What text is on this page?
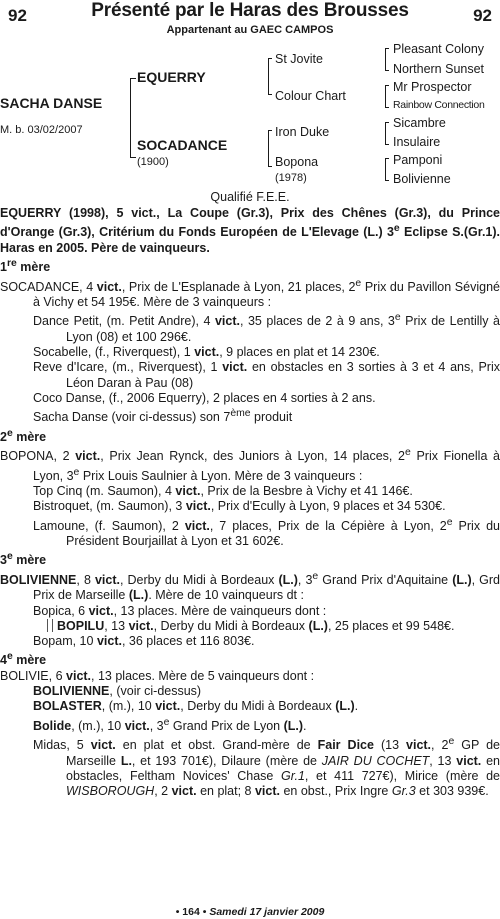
92	92
Présenté par le Haras des Brousses
Appartenant au GAEC CAMPOS
SACHA DANSE
M. b. 03/02/2007
EQUERRY
SOCADANCE
(1900)
St Jovite
Colour Chart
Iron Duke
Bopona
(1978)
Pleasant Colony
Northern Sunset
Mr Prospector
Rainbow Connection
Sicambre
Insulaire
Pamponi
Bolivienne
Qualifié F.E.E.

EQUERRY (1998), 5 vict., La Coupe (Gr.3), Prix des Chênes (Gr.3), du Prince d'Orange (Gr.3), Critérium du Fonds Européen de L'Elevage (L.) 3e Eclipse S.(Gr.1). Haras en 2005. Père de vainqueurs.

1re mère

SOCADANCE, 4 vict., Prix de L'Esplanade à Lyon, 21 places, 2e Prix du Pavillon Sévigné à Vichy et 54 195€. Mère de 3 vainqueurs :

Dance Petit, (m. Petit Andre), 4 vict., 35 places de 2 à 9 ans, 3e Prix de Lentilly à Lyon (08) et 100 296€.

Socabelle, (f., Riverquest), 1 vict., 9 places en plat et 14 230€.

Reve d'Icare, (m., Riverquest), 1 vict. en obstacles en 3 sorties à 3 et 4 ans, Prix Léon Daran à Pau (08)

Coco Danse, (f., 2006 Equerry), 2 places en 4 sorties à 2 ans.

Sacha Danse (voir ci-dessus) son 7ème produit

2e mère

BOPONA, 2 vict., Prix Jean Rynck, des Juniors à Lyon, 14 places, 2e Prix Fionella à Lyon, 3e Prix Louis Saulnier à Lyon. Mère de 3 vainqueurs :

Top Cinq (m. Saumon), 4 vict., Prix de la Besbre à Vichy et 41 146€.

Bistroquet, (m. Saumon), 3 vict., Prix d'Ecully à Lyon, 9 places et 34 530€.

Lamoune, (f. Saumon), 2 vict., 7 places, Prix de la Cépière à Lyon, 2e Prix du Président Bourjaillat à Lyon et 31 602€.

3e mère

BOLIVIENNE, 8 vict., Derby du Midi à Bordeaux (L.), 3e Grand Prix d'Aquitaine (L.), Grd Prix de Marseille (L.). Mère de 10 vainqueurs dt :

Bopica, 6 vict., 13 places. Mère de vainqueurs dont :

BOPILU, 13 vict., Derby du Midi à Bordeaux (L.), 25 places et 99 548€.

Bopam, 10 vict., 36 places et 116 803€.

4e mère

BOLIVIE, 6 vict., 13 places. Mère de 5 vainqueurs dont :

BOLIVIENNE, (voir ci-dessus)

BOLASTER, (m.), 10 vict., Derby du Midi à Bordeaux (L.).

Bolide, (m.), 10 vict., 3e Grand Prix de Lyon (L.).

Midas, 5 vict. en plat et obst. Grand-mère de Fair Dice (13 vict., 2e GP de Marseille L., et 193 701€), Dilaure (mère de JAIR DU COCHET, 13 vict. en obstacles, Feltham Novices' Chase Gr.1, et 411 727€), Mirice (mère de WISBOROUGH, 2 vict. en plat; 8 vict. en obst., Prix Ingre Gr.3 et 303 939€.

• 164 • Samedi 17 janvier 2009
